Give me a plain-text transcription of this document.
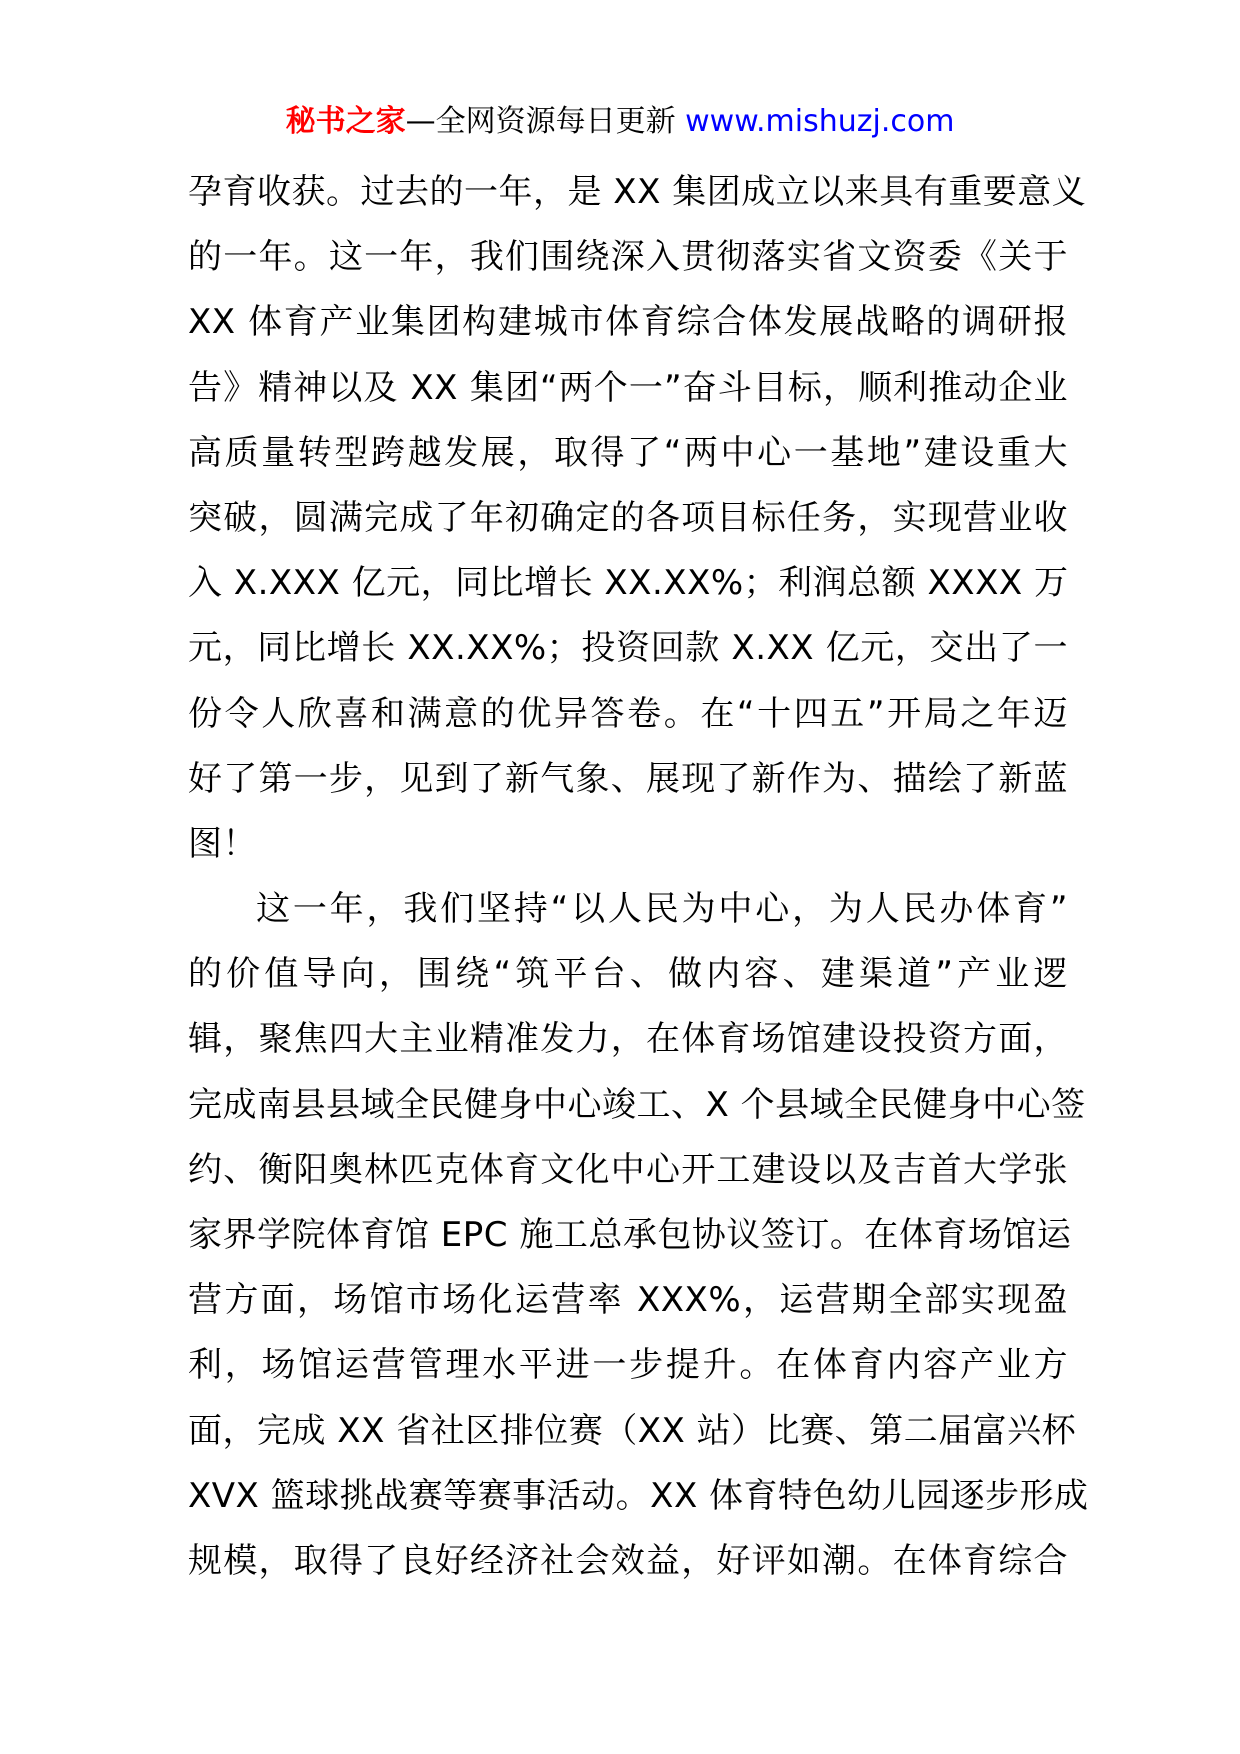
秘书之家—全网资源每日更新 www.mishuzj.com
孕育收获。过去的一年，是 XX 集团成立以来具有重要意义
的一年。这一年，我们围绕深入贯彻落实省文资委《关于
XX 体育产业集团构建城市体育综合体发展战略的调研报
告》精神以及 XX 集团“两个一”奋斗目标，顺利推动企业
高质量转型跨越发展，取得了“两中心一基地”建设重大
突破，圆满完成了年初确定的各项目标任务，实现营业收
入 X.XXX 亿元，同比增长 XX.XX%；利润总额 XXXX 万
元，同比增长 XX.XX%；投资回款 X.XX 亿元，交出了一
份令人欣喜和满意的优异答卷。在“十四五”开局之年迈
好了第一步，见到了新气象、展现了新作为、描绘了新蓝
图！
这一年，我们坚持“以人民为中心，为人民办体育”
的价值导向，围绕“筑平台、做内容、建渠道”产业逻
辑，聚焦四大主业精准发力，在体育场馆建设投资方面，
完成南县县域全民健身中心竣工、X 个县域全民健身中心签
约、衡阳奥林匹克体育文化中心开工建设以及吉首大学张
家界学院体育馆 EPC 施工总承包协议签订。在体育场馆运
营方面，场馆市场化运营率 XXX%，运营期全部实现盈
利，场馆运营管理水平进一步提升。在体育内容产业方
面，完成 XX 省社区排位赛（XX 站）比赛、第二届富兴杯
XVX 篮球挑战赛等赛事活动。XX 体育特色幼儿园逐步形成
规模，取得了良好经济社会效益，好评如潮。在体育综合
